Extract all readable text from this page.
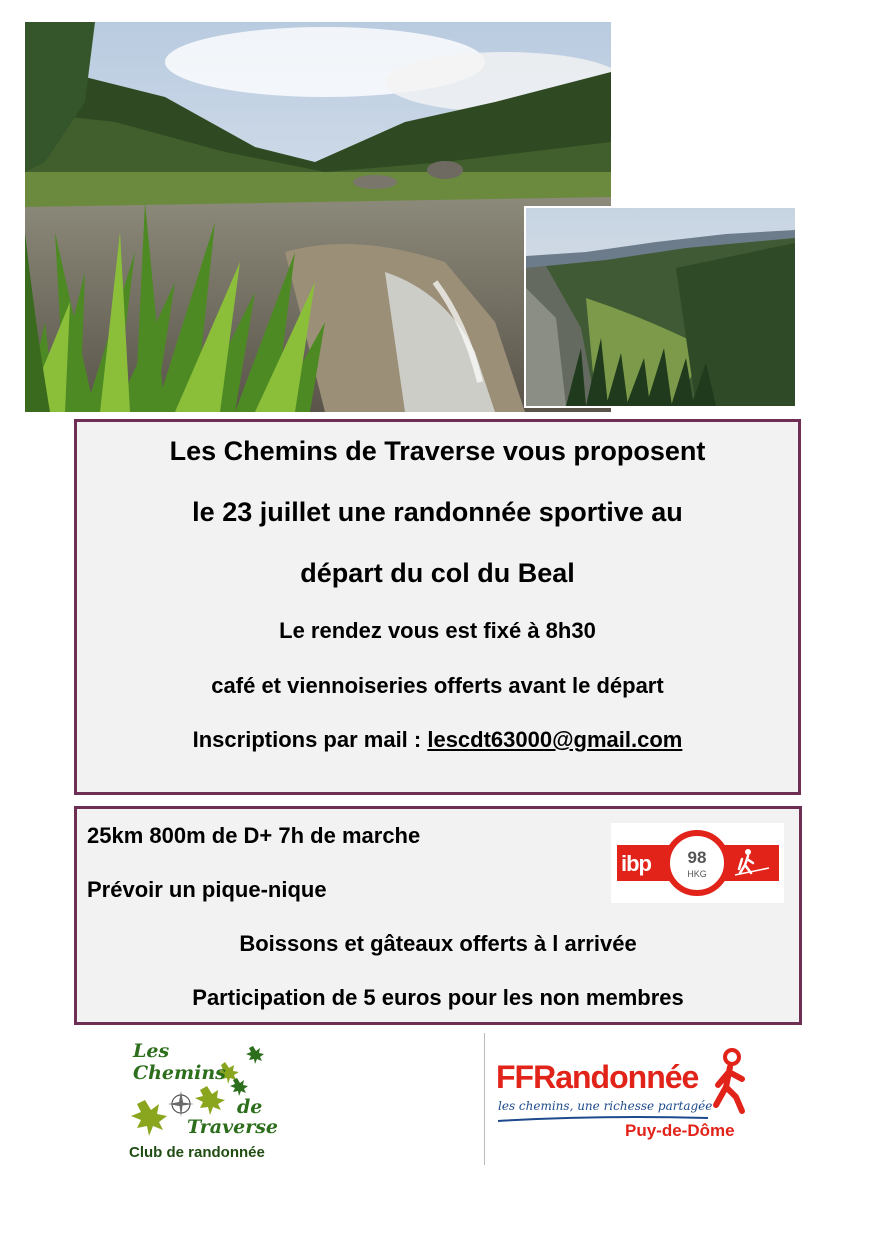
Les Chemins de Traverse vous proposent
le 23 juillet une randonnée sportive au
départ du col du Beal
Le rendez vous est fixé à 8h30
café et viennoiseries offerts avant le départ
Inscriptions par mail : lescdt63000@gmail.com
25km 800m de D+ 7h de marche
Prévoir un pique-nique
Boissons et gâteaux offerts à l arrivée
Participation de 5 euros pour les non membres
ibp 98
HKG
Les
Chemins
de
Traverse
Club de randonnée
FFRandonnée
les chemins, une richesse partagée
Puy-de-Dôme
